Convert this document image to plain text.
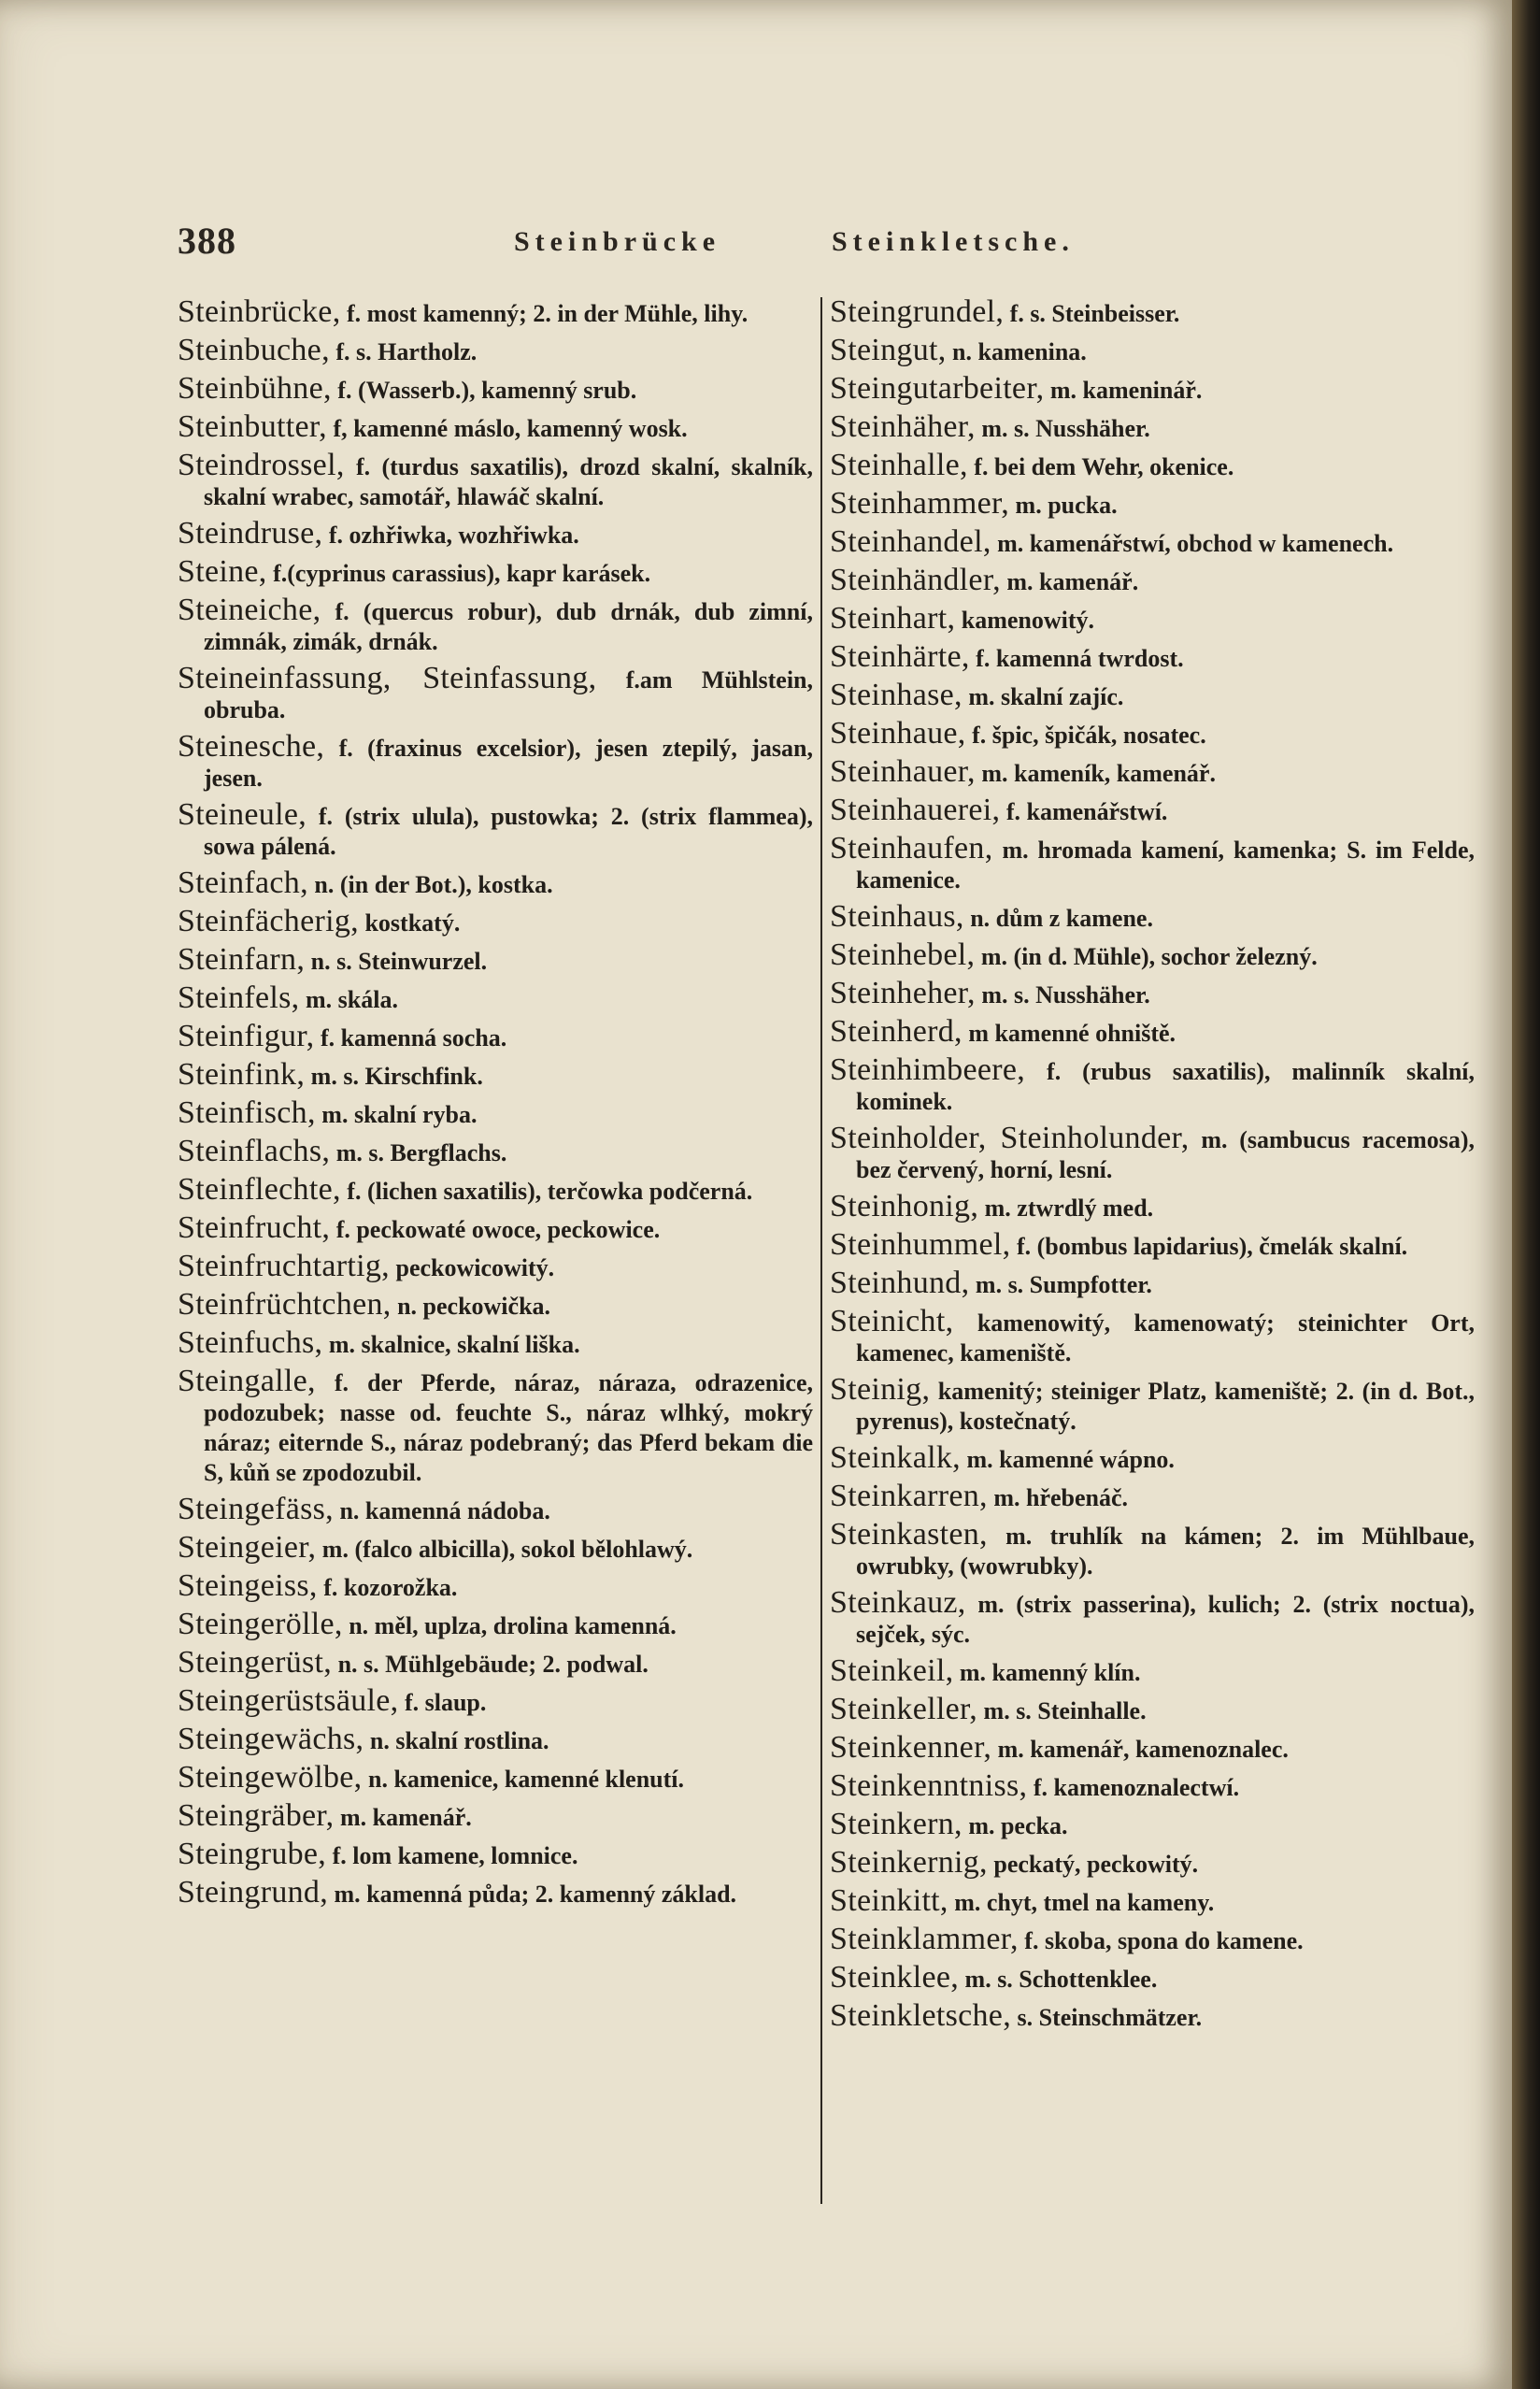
388	Steinbrücke	Steinkletsche.
Steinbrücke, f. most kamenný; 2. in der Mühle, lihy.
Steinbuche, f. s. Hartholz.
Steinbühne, f. (Wasserb.), kamenný srub.
Steinbutter, f, kamenné máslo, kamenný wosk.
Steindrossel, f. (turdus saxatilis), drozd skalní, skalník, skalní wrabec, samotář, hlawáč skalní.
Steindruse, f. ozhřiwka, wozhřiwka.
Steine, f.(cyprinus carassius), kapr karásek.
Steineiche, f. (quercus robur), dub drnák, dub zimní, zimnák, zimák, drnák.
Steineinfassung, Steinfassung, f.am Mühlstein, obruba.
Steinesche, f. (fraxinus excelsior), jesen ztepilý, jasan, jesen.
Steineule, f. (strix ulula), pustowka; 2. (strix flammea), sowa pálená.
Steinfach, n. (in der Bot.), kostka.
Steinfächerig, kostkatý.
Steinfarn, n. s. Steinwurzel.
Steinfels, m. skála.
Steinfigur, f. kamenná socha.
Steinfink, m. s. Kirschfink.
Steinfisch, m. skalní ryba.
Steinflachs, m. s. Bergflachs.
Steinflechte, f. (lichen saxatilis), terčowka podčerná.
Steinfrucht, f. peckowaté owoce, peckowice.
Steinfruchtartig, peckowicowitý.
Steinfrüchtchen, n. peckowička.
Steinfuchs, m. skalnice, skalní liška.
Steingalle, f. der Pferde, náraz, náraza, odrazenice, podozubek; nasse od. feuchte S., náraz wlhký, mokrý náraz; eiternde S., náraz podebraný; das Pferd bekam die S, kůň se zpodozubil.
Steingefäss, n. kamenná nádoba.
Steingeier, m. (falco albicilla), sokol bělohlawý.
Steingeiss, f. kozorožka.
Steingerölle, n. měl, uplza, drolina kamenná.
Steingerüst, n. s. Mühlgebäude; 2. podwal.
Steingerüstsäule, f. slaup.
Steingewächs, n. skalní rostlina.
Steingewölbe, n. kamenice, kamenné klenutí.
Steingräber, m. kamenář.
Steingrube, f. lom kamene, lomnice.
Steingrund, m. kamenná půda; 2. kamenný základ.
Steingrundel, f. s. Steinbeisser.
Steingut, n. kamenina.
Steingutarbeiter, m. kameninář.
Steinhäher, m. s. Nusshäher.
Steinhalle, f. bei dem Wehr, okenice.
Steinhammer, m. pucka.
Steinhandel, m. kamenářstwí, obchod w kamenech.
Steinhändler, m. kamenář.
Steinhart, kamenowitý.
Steinhärte, f. kamenná twrdost.
Steinhase, m. skalní zajíc.
Steinhaue, f. špic, špičák, nosatec.
Steinhauer, m. kameník, kamenář.
Steinhauerei, f. kamenářstwí.
Steinhaufen, m. hromada kamení, kamenka; S. im Felde, kamenice.
Steinhaus, n. dům z kamene.
Steinhebel, m. (in d. Mühle), sochor železný.
Steinheher, m. s. Nusshäher.
Steinherd, m kamenné ohniště.
Steinhimbeere, f. (rubus saxatilis), malinník skalní, kominek.
Steinholder, Steinholunder, m. (sambucus racemosa), bez červený, horní, lesní.
Steinhonig, m. ztwrdlý med.
Steinhummel, f. (bombus lapidarius), čmelák skalní.
Steinhund, m. s. Sumpfotter.
Steinicht, kamenowitý, kamenowatý; steinichter Ort, kamenec, kameniště.
Steinig, kamenitý; steiniger Platz, kameniště; 2. (in d. Bot., pyrenus), kostečnatý.
Steinkalk, m. kamenné wápno.
Steinkarren, m. hřebenáč.
Steinkasten, m. truhlík na kámen; 2. im Mühlbaue, owrubky, (wowrubky).
Steinkauz, m. (strix passerina), kulich; 2. (strix noctua), sejček, sýc.
Steinkeil, m. kamenný klín.
Steinkeller, m. s. Steinhalle.
Steinkenner, m. kamenář, kamenoznalec.
Steinkenntniss, f. kamenoznalectwí.
Steinkern, m. pecka.
Steinkernig, peckatý, peckowitý.
Steinkitt, m. chyt, tmel na kameny.
Steinklammer, f. skoba, spona do kamene.
Steinklee, m. s. Schottenklee.
Steinkletsche, s. Steinschmätzer.
